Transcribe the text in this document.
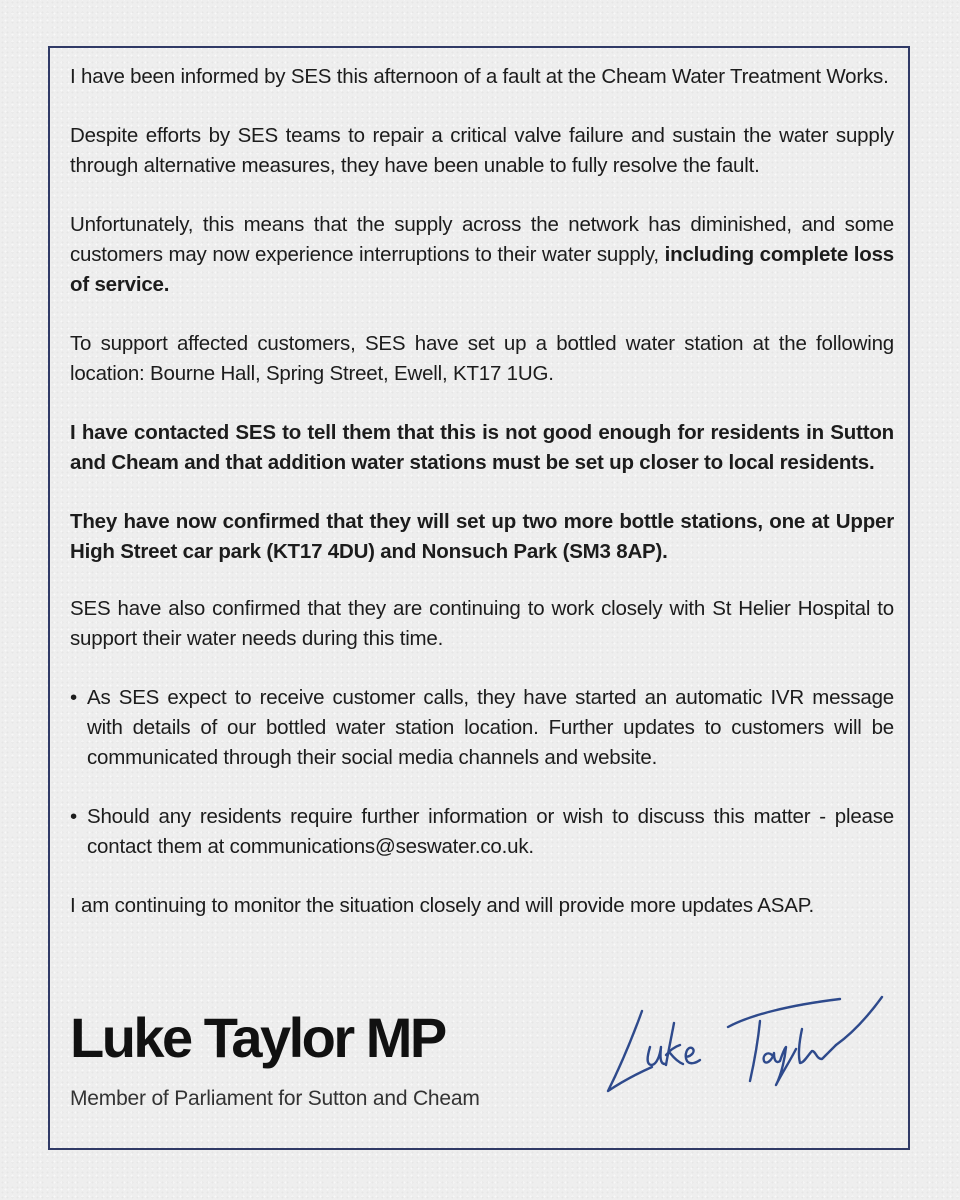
I have been informed by SES this afternoon of a fault at the Cheam Water Treatment Works.

Despite efforts by SES teams to repair a critical valve failure and sustain the water supply through alternative measures, they have been unable to fully resolve the fault.

Unfortunately, this means that the supply across the network has diminished, and some customers may now experience interruptions to their water supply, including complete loss of service.

To support affected customers, SES have set up a bottled water station at the following location: Bourne Hall, Spring Street, Ewell, KT17 1UG.

I have contacted SES to tell them that this is not good enough for residents in Sutton and Cheam and that addition water stations must be set up closer to local residents.

They have now confirmed that they will set up two more bottle stations, one at Upper High Street car park (KT17 4DU) and Nonsuch Park (SM3 8AP).

SES have also confirmed that they are continuing to work closely with St Helier Hospital to support their water needs during this time.

• As SES expect to receive customer calls, they have started an automatic IVR message with details of our bottled water station location. Further updates to customers will be communicated through their social media channels and website.
• Should any residents require further information or wish to discuss this matter - please contact them at communications@seswater.co.uk.

I am continuing to monitor the situation closely and will provide more updates ASAP.

Luke Taylor MP
Member of Parliament for Sutton and Cheam
